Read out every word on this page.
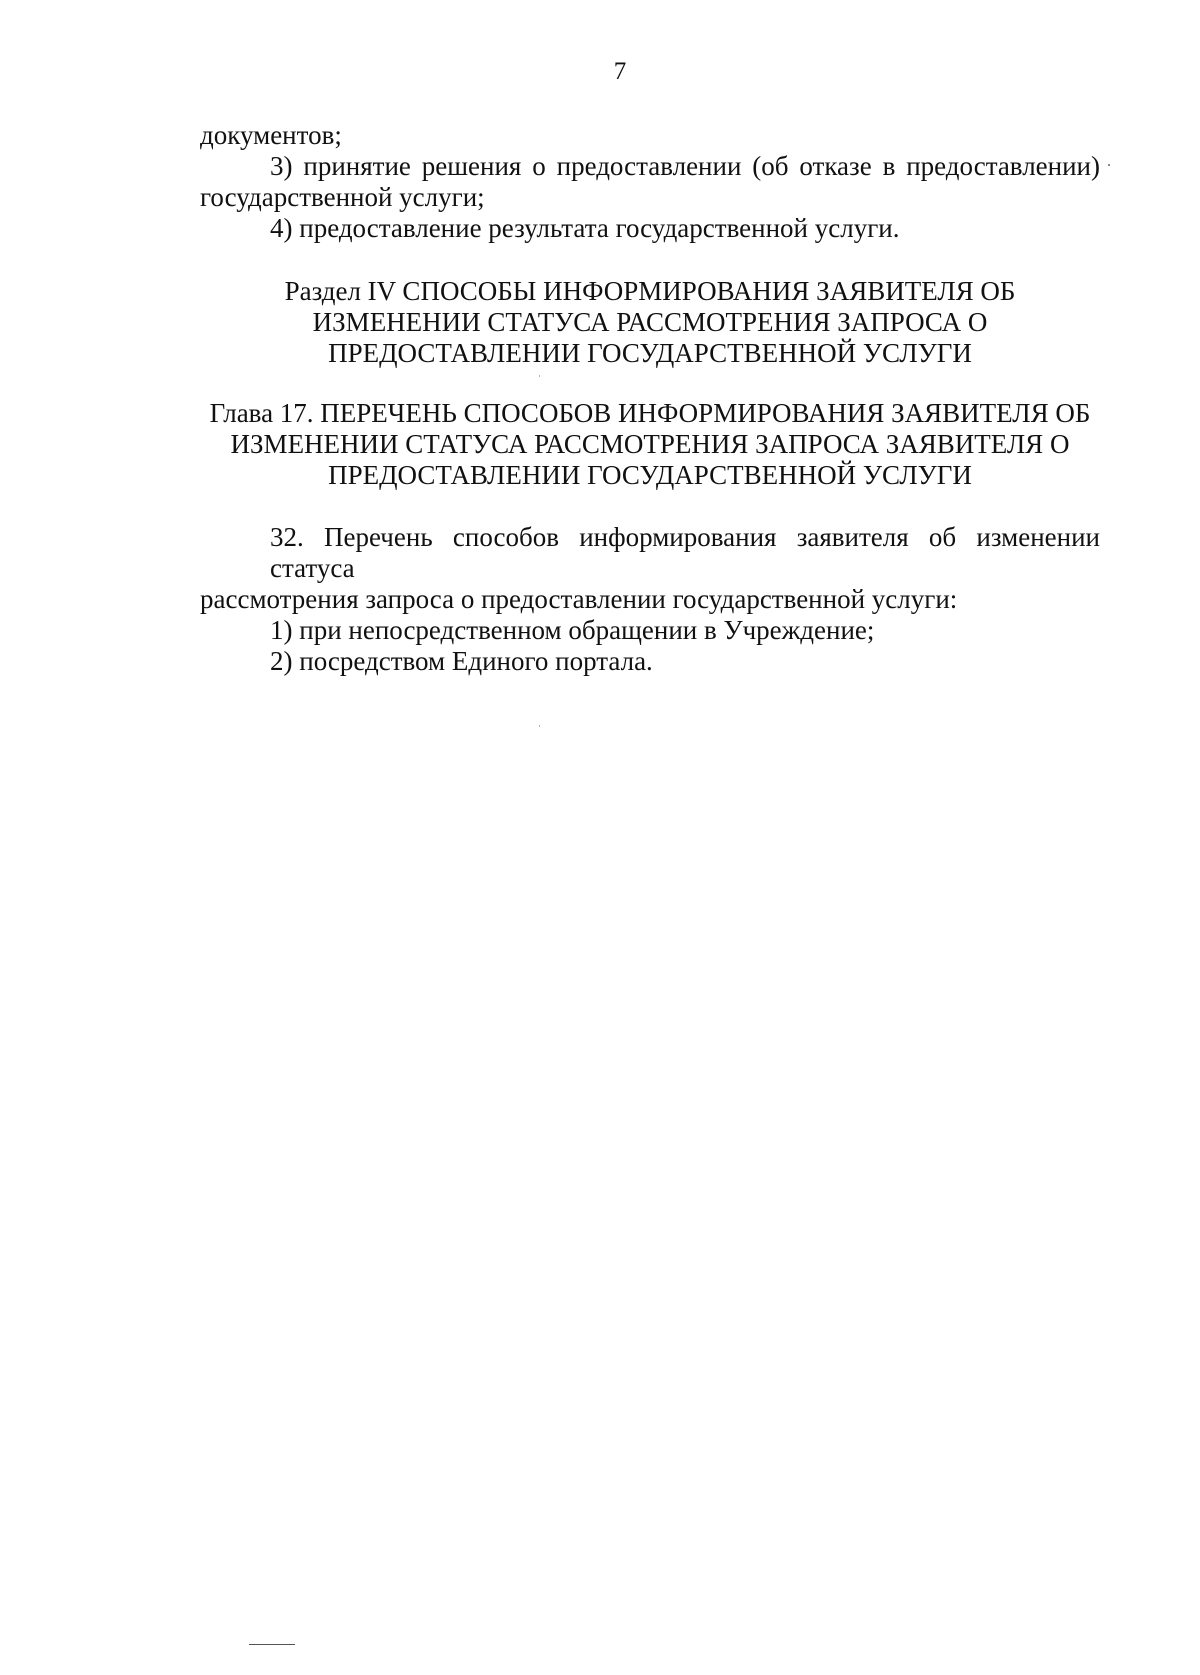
7
документов;
3) принятие решения о предоставлении (об отказе в предоставлении)
государственной услуги;
4) предоставление результата государственной услуги.
Раздел IV СПОСОБЫ ИНФОРМИРОВАНИЯ ЗАЯВИТЕЛЯ ОБ
ИЗМЕНЕНИИ СТАТУСА РАССМОТРЕНИЯ ЗАПРОСА О
ПРЕДОСТАВЛЕНИИ ГОСУДАРСТВЕННОЙ УСЛУГИ
Глава 17. ПЕРЕЧЕНЬ СПОСОБОВ ИНФОРМИРОВАНИЯ ЗАЯВИТЕЛЯ ОБ
ИЗМЕНЕНИИ СТАТУСА РАССМОТРЕНИЯ ЗАПРОСА ЗАЯВИТЕЛЯ О
ПРЕДОСТАВЛЕНИИ ГОСУДАРСТВЕННОЙ УСЛУГИ
32. Перечень способов информирования заявителя об изменении статуса
рассмотрения запроса о предоставлении государственной услуги:
1) при непосредственном обращении в Учреждение;
2) посредством Единого портала.
